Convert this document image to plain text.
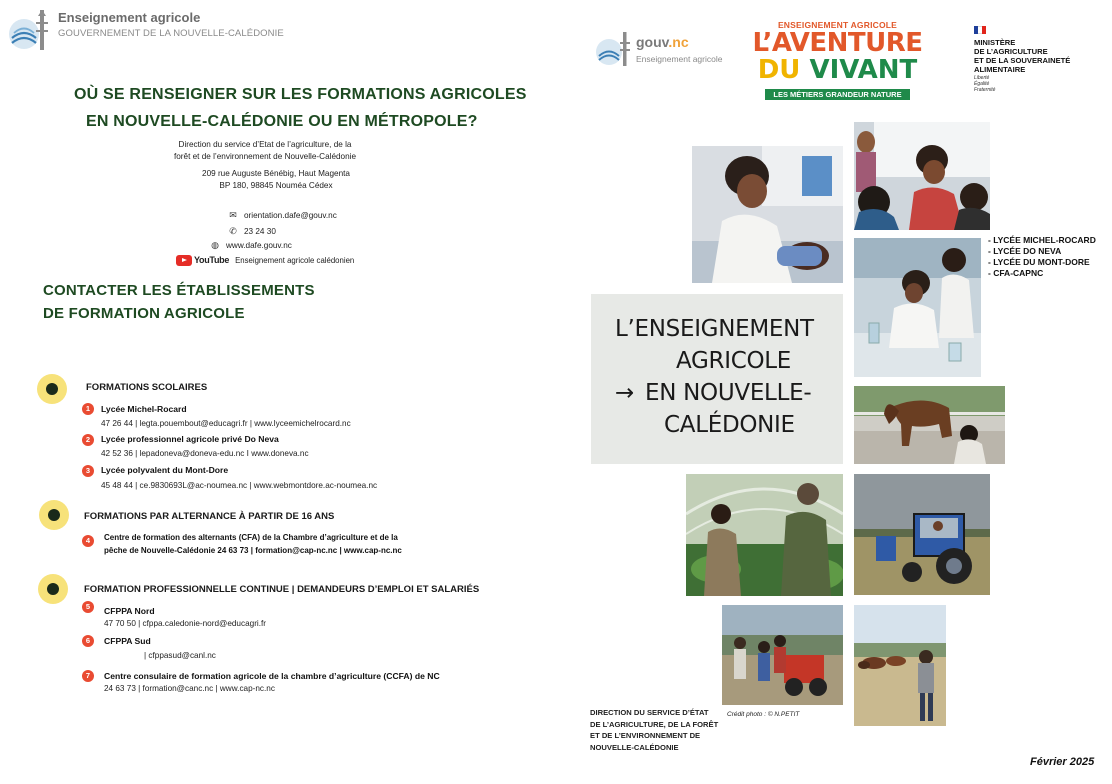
Enseignement agricole
GOUVERNEMENT DE LA NOUVELLE-CALÉDONIE
OÙ SE RENSEIGNER SUR LES FORMATIONS AGRICOLES
EN NOUVELLE-CALÉDONIE OU EN MÉTROPOLE?
Direction du service d’Etat de l’agriculture, de la
forêt et de l’environnement de Nouvelle-Calédonie
209 rue Auguste Bénébig, Haut Magenta
BP 180, 98845 Nouméa Cédex
✉ orientation.dafe@gouv.nc
✆ 23 24 30
◍ www.dafe.gouv.nc
YouTube Enseignement agricole calédonien
CONTACTER LES ÉTABLISSEMENTS
DE FORMATION AGRICOLE
FORMATIONS SCOLAIRES
1	Lycée Michel-Rocard
47 26 44 | legta.pouembout@educagri.fr | www.lyceemichelrocard.nc
2	Lycée professionnel agricole privé Do Neva
42 52 36 | lepadoneva@doneva-edu.nc I www.doneva.nc
3	Lycée polyvalent du Mont-Dore
45 48 44 | ce.9830693L@ac-noumea.nc | www.webmontdore.ac-noumea.nc
FORMATIONS PAR ALTERNANCE À PARTIR DE 16 ANS
4	Centre de formation des alternants (CFA) de la Chambre d’agriculture et de la
pêche de Nouvelle-Calédonie 24 63 73 | formation@cap-nc.nc | www.cap-nc.nc
FORMATION PROFESSIONNELLE CONTINUE | DEMANDEURS D’EMPLOI ET SALARIÉS
5	CFPPA Nord
47 70 50 | cfppa.caledonie-nord@educagri.fr
6	CFPPA Sud
| cfppasud@canl.nc
7	Centre consulaire de formation agricole de la chambre d’agriculture (CCFA) de NC
24 63 73 | formation@canc.nc | www.cap-nc.nc
gouv.nc
Enseignement agricole
ENSEIGNEMENT AGRICOLE
L’AVENTURE
DU VIVANT
LES MÉTIERS GRANDEUR NATURE
MINISTÈRE
DE L’AGRICULTURE
ET DE LA SOUVERAINETÉ
ALIMENTAIRE
Liberté
Égalité
Fraternité
L’ENSEIGNEMENT
AGRICOLE
→ EN NOUVELLE-
CALÉDONIE
- LYCÉE MICHEL-ROCARD
- LYCÉE DO NEVA
- LYCÉE DU MONT-DORE
- CFA-CAPNC
DIRECTION DU SERVICE D’ÉTAT
DE L’AGRICULTURE, DE LA FORÊT
ET DE L’ENVIRONNEMENT DE
NOUVELLE-CALÉDONIE
Crédit photo : © N.PETIT
Février 2025
